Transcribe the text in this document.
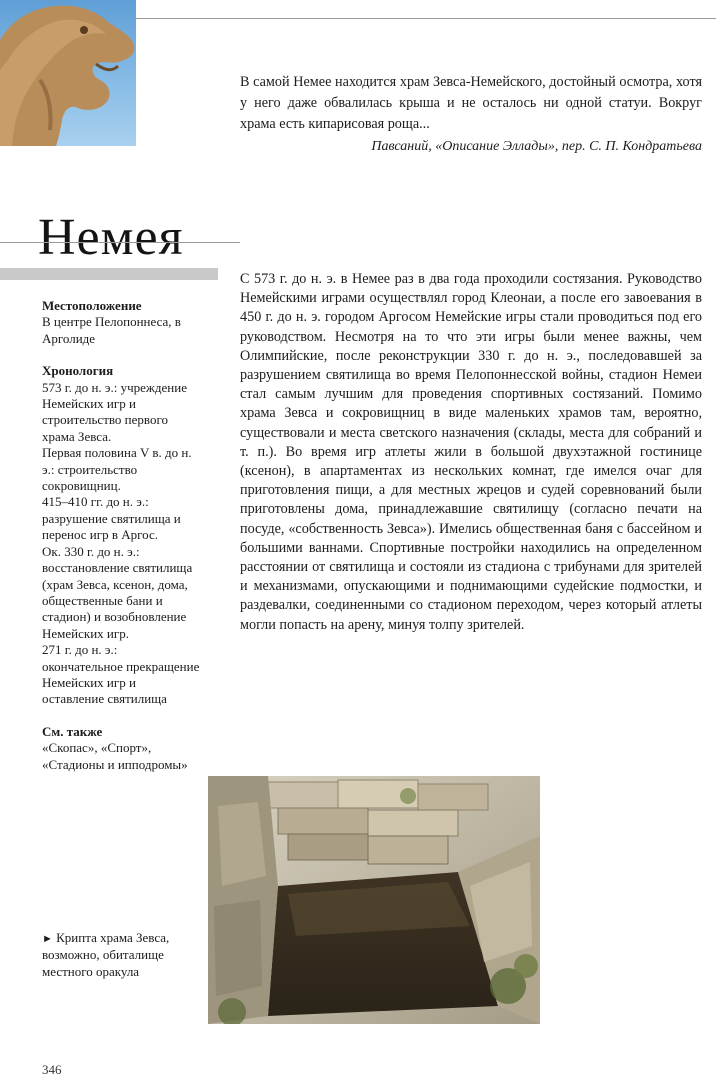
В самой Немее находится храм Зевса-Немейского, достойный осмотра, хотя у него даже обвалилась крыша и не осталось ни одной статуи. Вокруг храма есть кипарисовая роща...
Павсаний, «Описание Эллады», пер. С. П. Кондратьева
Немея

Местоположение

В центре Пелопоннеса, в Арголиде

Хронология

573 г. до н. э.: учреждение Немейских игр и строительство первого храма Зевса.

Первая половина V в. до н. э.: строительство сокровищниц.

415–410 гг. до н. э.: разрушение святилища и перенос игр в Аргос.

Ок. 330 г. до н. э.: восстановление святилища (храм Зевса, ксенон, дома, общественные бани и стадион) и возобновление Немейских игр.

271 г. до н. э.: окончательное прекращение Немейских игр и оставление святилища

См. также

«Скопас», «Спорт», «Стадионы и ипподромы»

► Крипта храма Зевса, возможно, обиталище местного оракула
С 573 г. до н. э. в Немее раз в два года проходили состязания. Руководство Немейскими играми осуществлял город Клеонаи, а после его завоевания в 450 г. до н. э. городом Аргосом Немейские игры стали проводиться под его руководством. Несмотря на то что эти игры были менее важны, чем Олимпийские, после реконструкции 330 г. до н. э., последовавшей за разрушением святилища во время Пелопоннесской войны, стадион Немеи стал самым лучшим для проведения спортивных состязаний. Помимо храма Зевса и сокровищниц в виде маленьких храмов там, вероятно, существовали и места светского назначения (склады, места для собраний и т. п.). Во время игр атлеты жили в большой двухэтажной гостинице (ксенон), в апартаментах из нескольких комнат, где имелся очаг для приготовления пищи, а для местных жрецов и судей соревнований были приготовлены дома, принадлежавшие святилищу (согласно печати на посуде, «собственность Зевса»). Имелись общественная баня с бассейном и большими ваннами. Спортивные постройки находились на определенном расстоянии от святилища и состояли из стадиона с трибунами для зрителей и механизмами, опускающими и поднимающими судейские подмостки, и раздевалки, соединенными со стадионом переходом, через который атлеты могли попасть на арену, минуя толпу зрителей.
346
